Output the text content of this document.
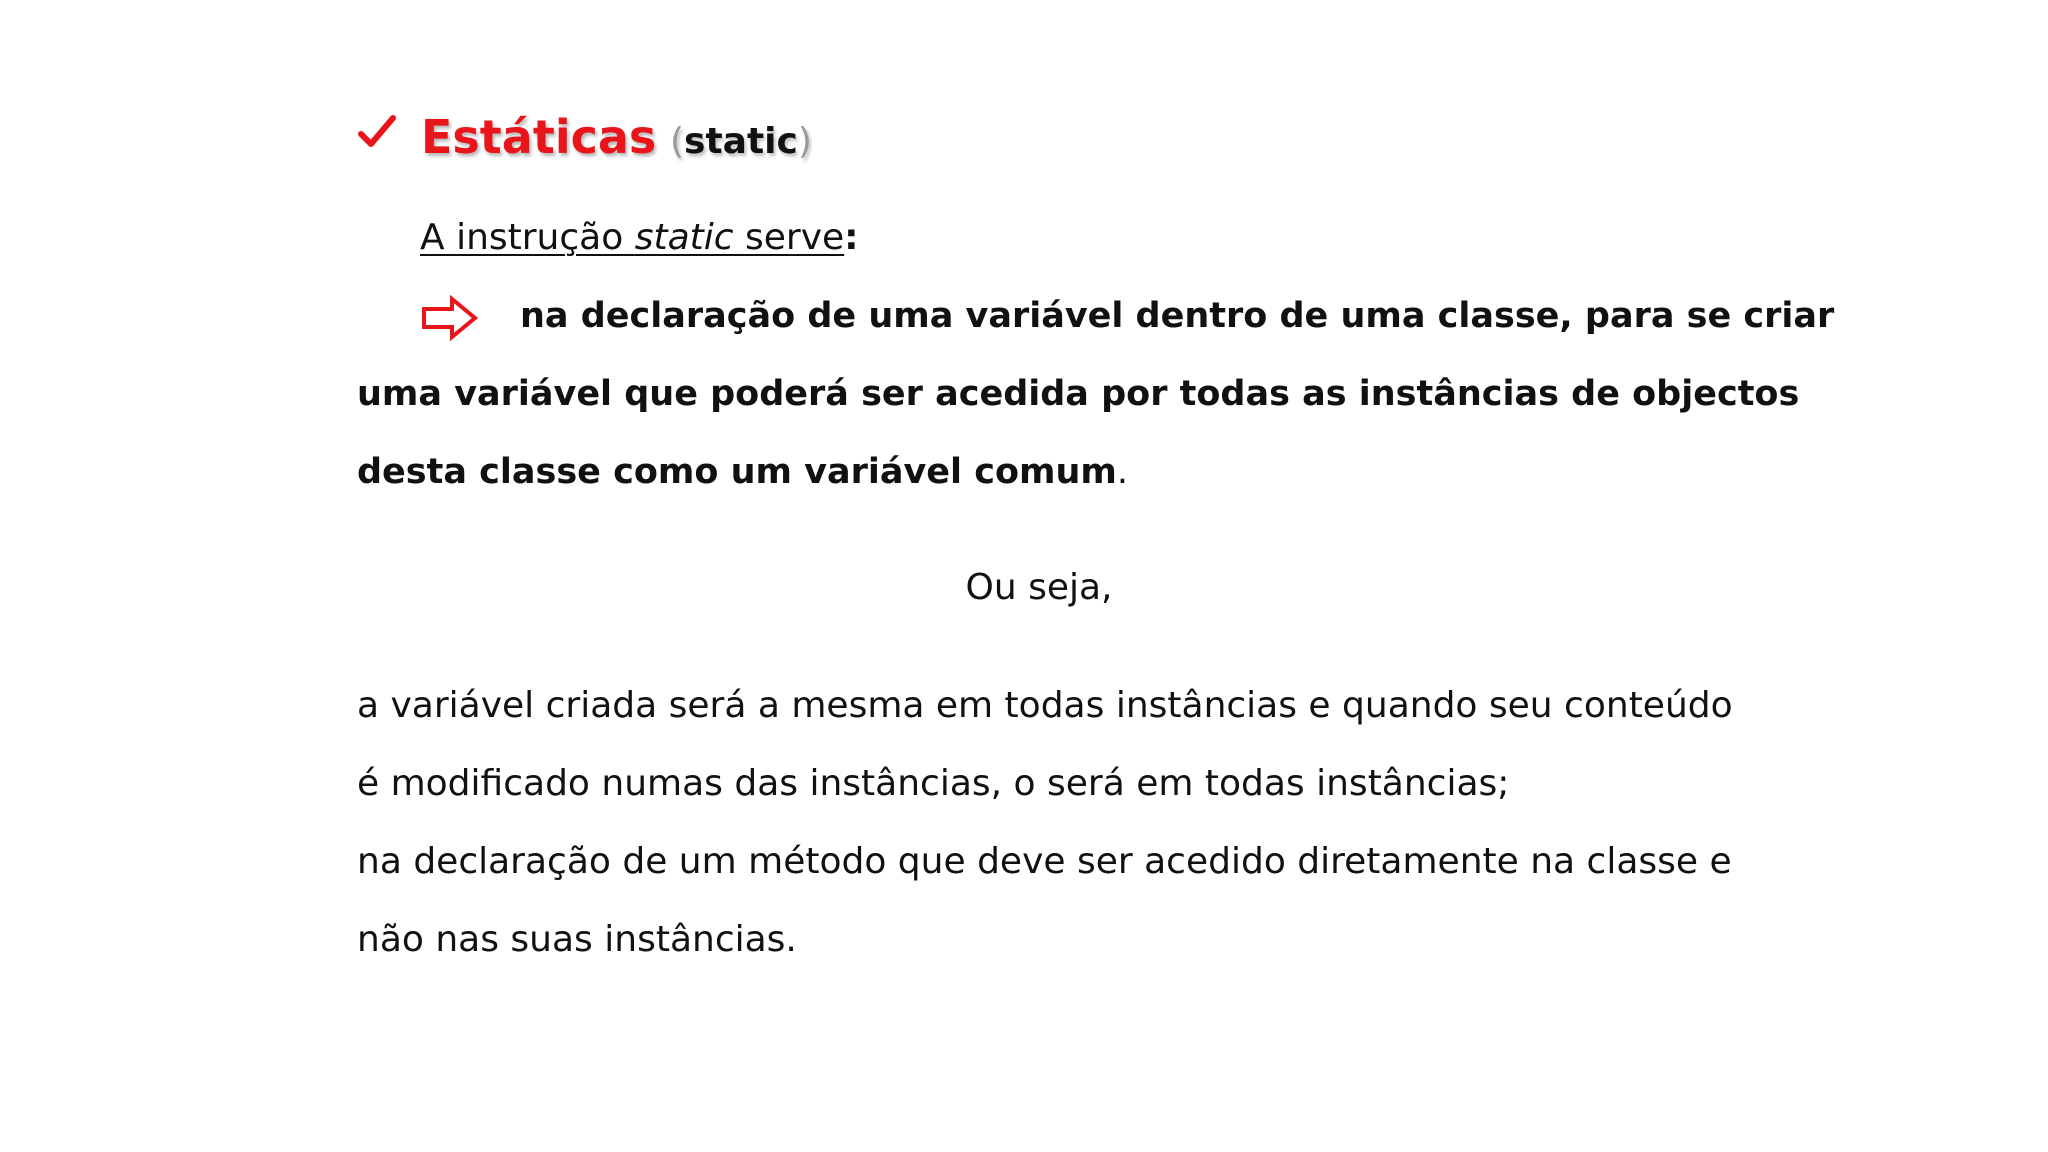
Estáticas (static)
A instrução static serve:
na declaração de uma variável dentro de uma classe, para se criar
uma variável que poderá ser acedida por todas as instâncias de objectos
desta classe como um variável comum.
Ou seja,
a variável criada será a mesma em todas instâncias e quando seu conteúdo
é modificado numas das instâncias, o será em todas instâncias;
na declaração de um método que deve ser acedido diretamente na classe e
não nas suas instâncias.
